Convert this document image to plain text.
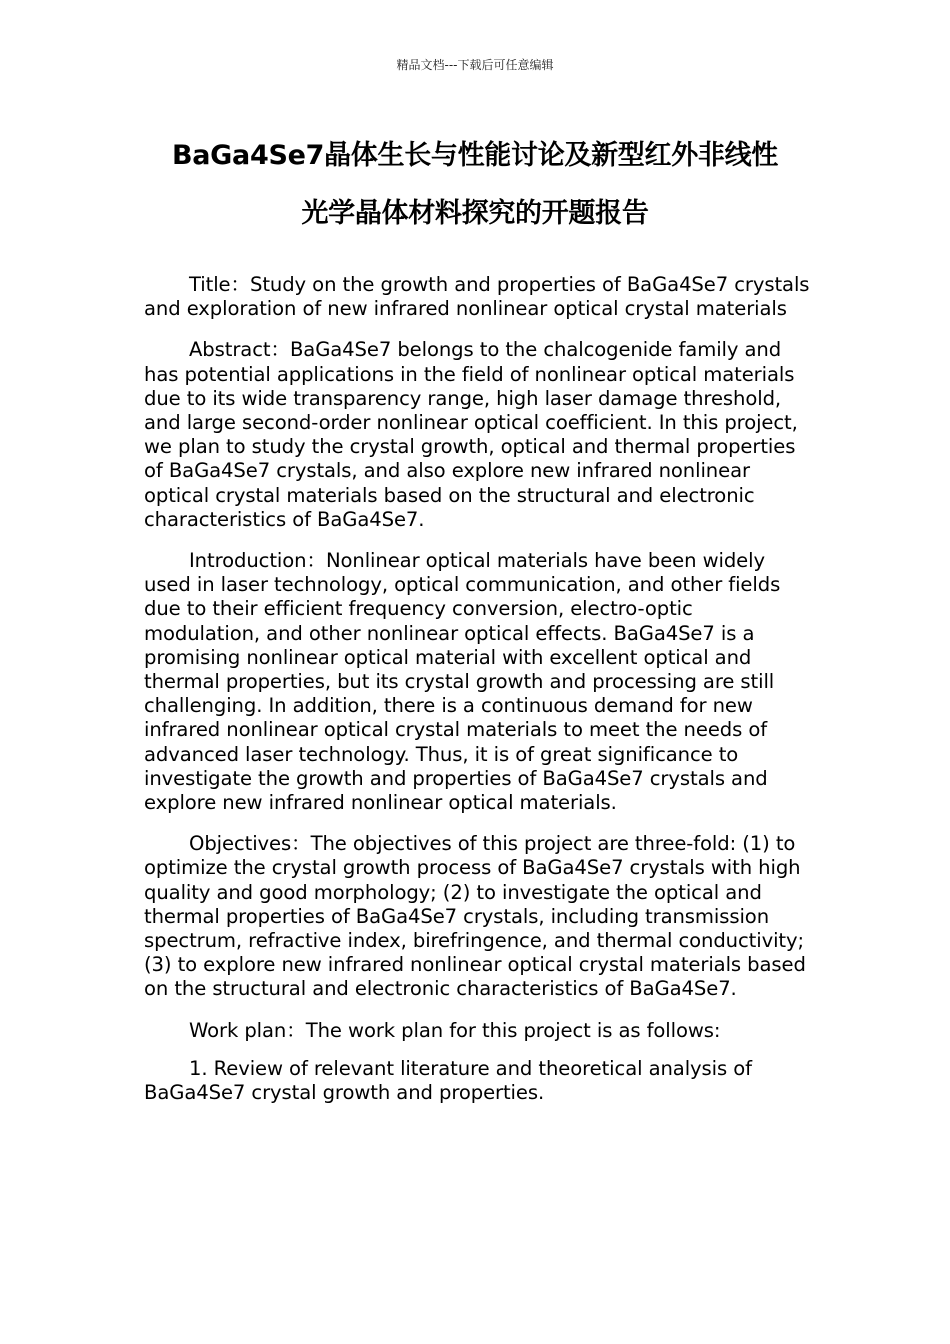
精品文档---下载后可任意编辑
BaGa4Se7晶体生长与性能讨论及新型红外非线性
光学晶体材料探究的开题报告

Title：Study on the growth and properties of BaGa4Se7 crystals and exploration of new infrared nonlinear optical crystal materials

Abstract：BaGa4Se7 belongs to the chalcogenide family and has potential applications in the field of nonlinear optical materials due to its wide transparency range, high laser damage threshold, and large second-order nonlinear optical coefficient. In this project, we plan to study the crystal growth, optical and thermal properties of BaGa4Se7 crystals, and also explore new infrared nonlinear optical crystal materials based on the structural and electronic characteristics of BaGa4Se7.

Introduction：Nonlinear optical materials have been widely used in laser technology, optical communication, and other fields due to their efficient frequency conversion, electro-optic modulation, and other nonlinear optical effects. BaGa4Se7 is a promising nonlinear optical material with excellent optical and thermal properties, but its crystal growth and processing are still challenging. In addition, there is a continuous demand for new infrared nonlinear optical crystal materials to meet the needs of advanced laser technology. Thus, it is of great significance to investigate the growth and properties of BaGa4Se7 crystals and explore new infrared nonlinear optical materials.

Objectives：The objectives of this project are three-fold: (1) to optimize the crystal growth process of BaGa4Se7 crystals with high quality and good morphology; (2) to investigate the optical and thermal properties of BaGa4Se7 crystals, including transmission spectrum, refractive index, birefringence, and thermal conductivity; (3) to explore new infrared nonlinear optical crystal materials based on the structural and electronic characteristics of BaGa4Se7.

Work plan：The work plan for this project is as follows:

1. Review of relevant literature and theoretical analysis of BaGa4Se7 crystal growth and properties.
